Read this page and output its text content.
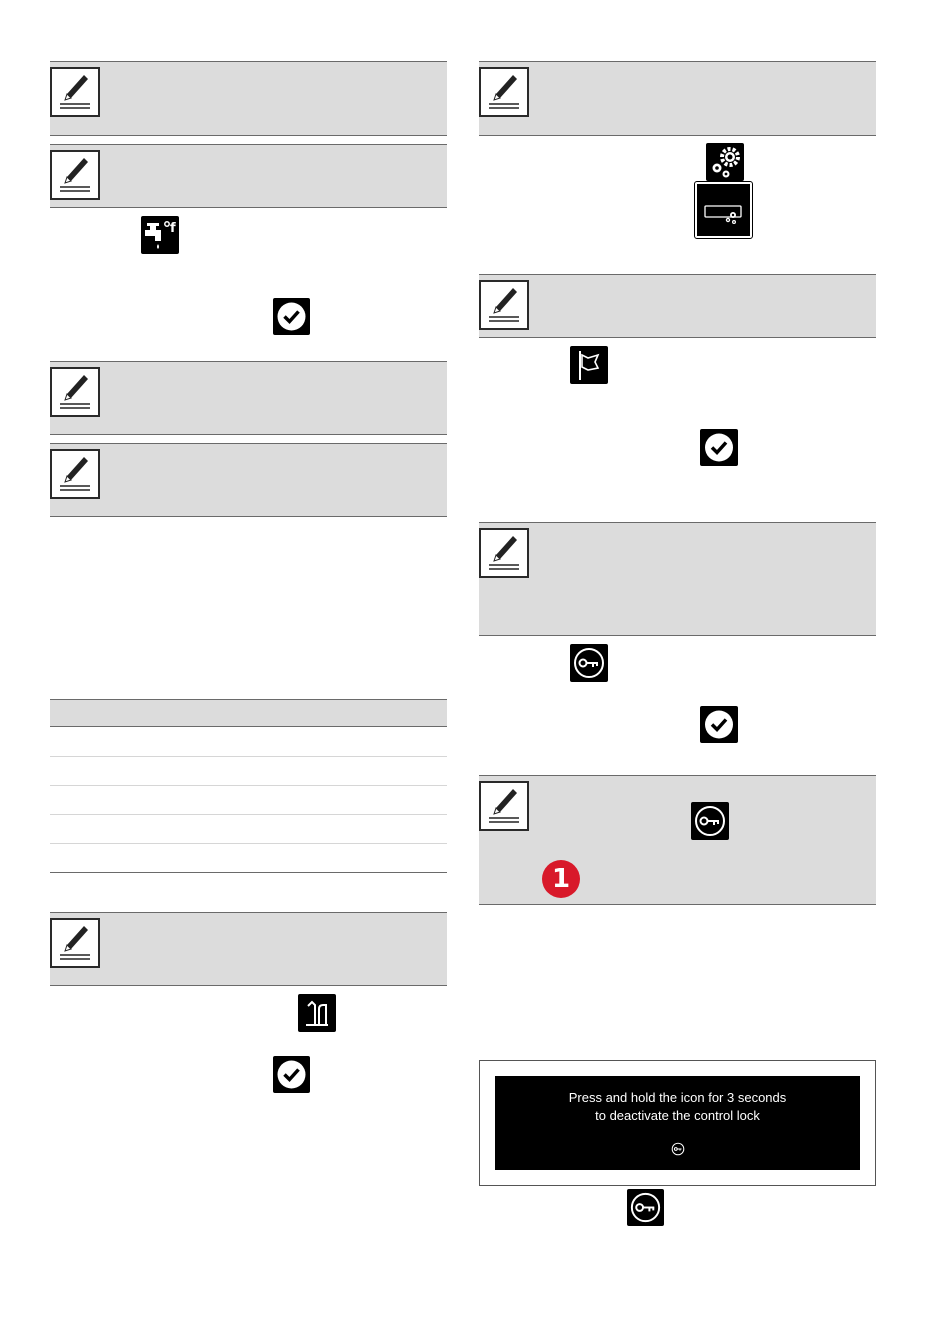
f
1
Press and hold the icon for 3 seconds
to deactivate the control lock
